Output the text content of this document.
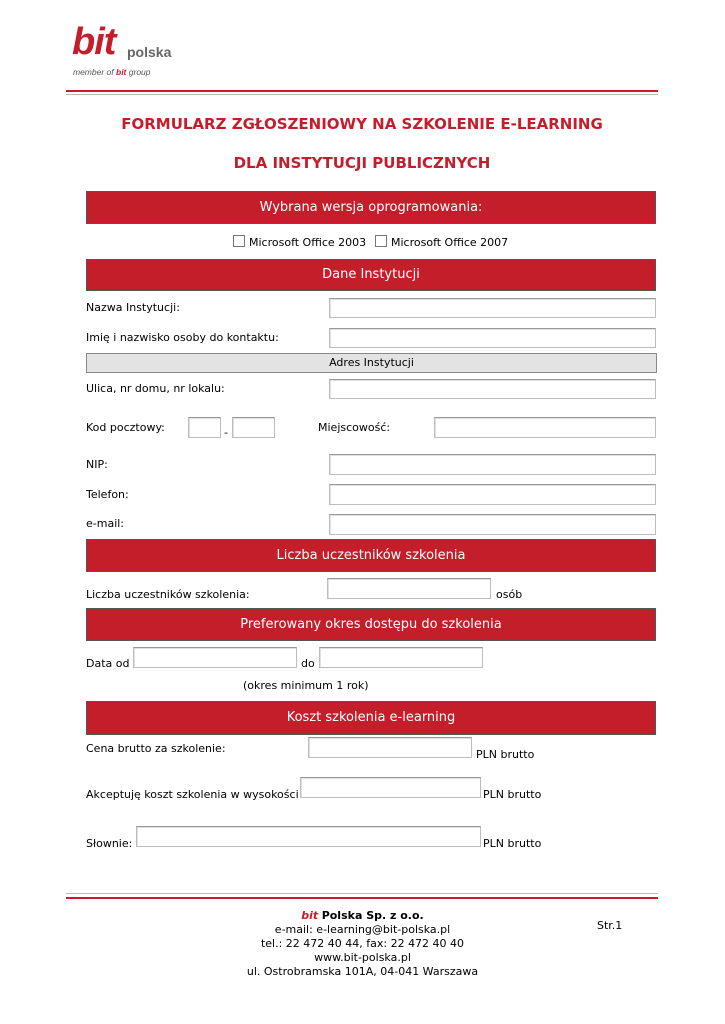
bit polska
member of bit group
FORMULARZ ZGŁOSZENIOWY NA SZKOLENIE E-LEARNING
DLA INSTYTUCJI PUBLICZNYCH
Wybrana wersja oprogramowania:
Microsoft Office 2003	Microsoft Office 2007
Dane Instytucji
Nazwa Instytucji:
Imię i nazwisko osoby do kontaktu:
Adres Instytucji
Ulica, nr domu, nr lokalu:
Kod pocztowy:	-	Miejscowość:
NIP:
Telefon:
e-mail:
Liczba uczestników szkolenia
Liczba uczestników szkolenia:	osób
Preferowany okres dostępu do szkolenia
Data od	do
(okres minimum 1 rok)
Koszt szkolenia e-learning
Cena brutto za szkolenie:	PLN brutto
Akceptuję koszt szkolenia w wysokości	PLN brutto
Słownie:	PLN brutto
bit Polska Sp. z o.o.
e-mail: e-learning@bit-polska.pl
tel.: 22 472 40 44, fax: 22 472 40 40
www.bit-polska.pl
ul. Ostrobramska 101A, 04-041 Warszawa
Str.1
